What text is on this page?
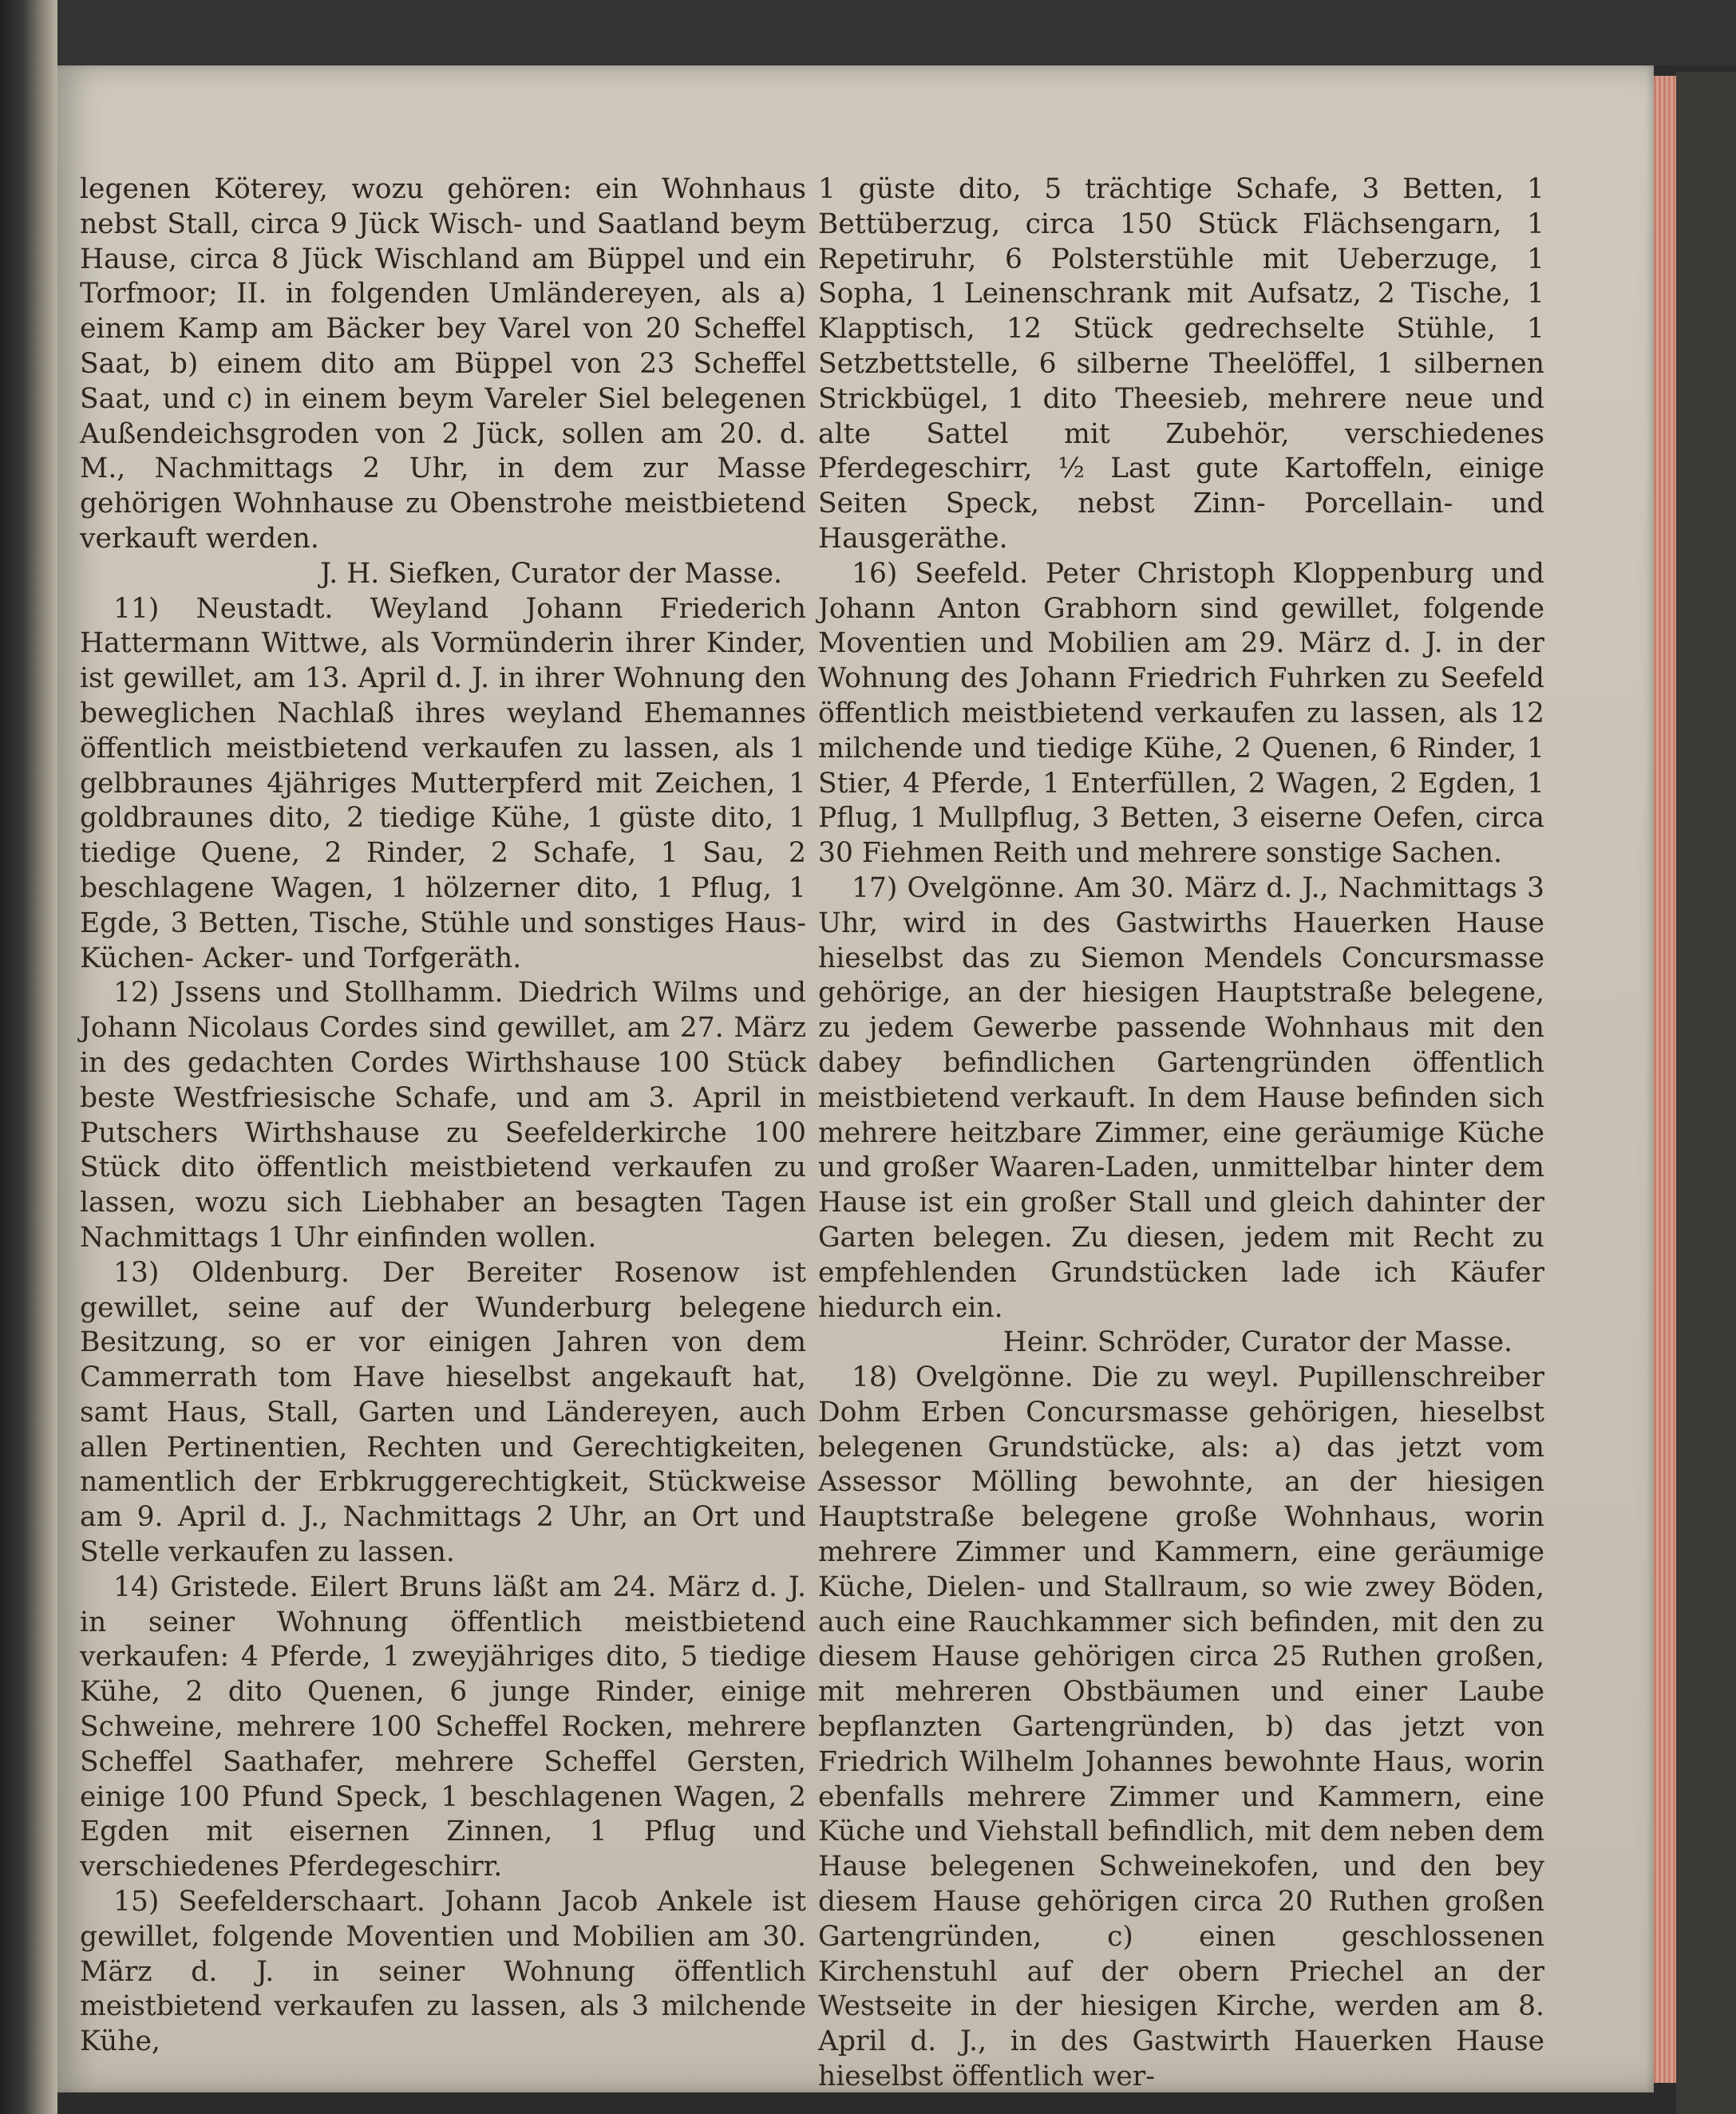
legenen Köterey, wozu gehören: ein Wohnhaus nebst Stall, circa 9 Jück Wisch- und Saatland beym Hause, circa 8 Jück Wischland am Büppel und ein Torfmoor; II. in folgenden Umländereyen, als a) einem Kamp am Bäcker bey Varel von 20 Scheffel Saat, b) einem dito am Büppel von 23 Scheffel Saat, und c) in einem beym Vareler Siel belegenen Außendeichsgroden von 2 Jück, sollen am 20. d. M., Nachmittags 2 Uhr, in dem zur Masse gehörigen Wohnhause zu Obenstrohe meistbietend verkauft werden.

J. H. Siefken, Curator der Masse.

11) Neustadt. Weyland Johann Friederich Hattermann Wittwe, als Vormünderin ihrer Kinder, ist gewillet, am 13. April d. J. in ihrer Wohnung den beweglichen Nachlaß ihres weyland Ehemannes öffentlich meistbietend verkaufen zu lassen, als 1 gelbbraunes 4jähriges Mutterpferd mit Zeichen, 1 goldbraunes dito, 2 tiedige Kühe, 1 güste dito, 1 tiedige Quene, 2 Rinder, 2 Schafe, 1 Sau, 2 beschlagene Wagen, 1 hölzerner dito, 1 Pflug, 1 Egde, 3 Betten, Tische, Stühle und sonstiges Haus- Küchen- Acker- und Torfgeräth.

12) Jssens und Stollhamm. Diedrich Wilms und Johann Nicolaus Cordes sind gewillet, am 27. März in des gedachten Cordes Wirthshause 100 Stück beste Westfriesische Schafe, und am 3. April in Putschers Wirthshause zu Seefelderkirche 100 Stück dito öffentlich meistbietend verkaufen zu lassen, wozu sich Liebhaber an besagten Tagen Nachmittags 1 Uhr einfinden wollen.

13) Oldenburg. Der Bereiter Rosenow ist gewillet, seine auf der Wunderburg belegene Besitzung, so er vor einigen Jahren von dem Cammerrath tom Have hieselbst angekauft hat, samt Haus, Stall, Garten und Ländereyen, auch allen Pertinentien, Rechten und Gerechtigkeiten, namentlich der Erbkruggerechtigkeit, Stückweise am 9. April d. J., Nachmittags 2 Uhr, an Ort und Stelle verkaufen zu lassen.

14) Gristede. Eilert Bruns läßt am 24. März d. J. in seiner Wohnung öffentlich meistbietend verkaufen: 4 Pferde, 1 zweyjähriges dito, 5 tiedige Kühe, 2 dito Quenen, 6 junge Rinder, einige Schweine, mehrere 100 Scheffel Rocken, mehrere Scheffel Saathafer, mehrere Scheffel Gersten, einige 100 Pfund Speck, 1 beschlagenen Wagen, 2 Egden mit eisernen Zinnen, 1 Pflug und verschiedenes Pferdegeschirr.

15) Seefelderschaart. Johann Jacob Ankele ist gewillet, folgende Moventien und Mobilien am 30. März d. J. in seiner Wohnung öffentlich meistbietend verkaufen zu lassen, als 3 milchende Kühe,

1 güste dito, 5 trächtige Schafe, 3 Betten, 1 Bettüberzug, circa 150 Stück Flächsengarn, 1 Repetiruhr, 6 Polsterstühle mit Ueberzuge, 1 Sopha, 1 Leinenschrank mit Aufsatz, 2 Tische, 1 Klapptisch, 12 Stück gedrechselte Stühle, 1 Setzbettstelle, 6 silberne Theelöffel, 1 silbernen Strickbügel, 1 dito Theesieb, mehrere neue und alte Sattel mit Zubehör, verschiedenes Pferdegeschirr, ½ Last gute Kartoffeln, einige Seiten Speck, nebst Zinn- Porcellain- und Hausgeräthe.

16) Seefeld. Peter Christoph Kloppenburg und Johann Anton Grabhorn sind gewillet, folgende Moventien und Mobilien am 29. März d. J. in der Wohnung des Johann Friedrich Fuhrken zu Seefeld öffentlich meistbietend verkaufen zu lassen, als 12 milchende und tiedige Kühe, 2 Quenen, 6 Rinder, 1 Stier, 4 Pferde, 1 Enterfüllen, 2 Wagen, 2 Egden, 1 Pflug, 1 Mullpflug, 3 Betten, 3 eiserne Oefen, circa 30 Fiehmen Reith und mehrere sonstige Sachen.

17) Ovelgönne. Am 30. März d. J., Nachmittags 3 Uhr, wird in des Gastwirths Hauerken Hause hieselbst das zu Siemon Mendels Concursmasse gehörige, an der hiesigen Hauptstraße belegene, zu jedem Gewerbe passende Wohnhaus mit den dabey befindlichen Gartengründen öffentlich meistbietend verkauft. In dem Hause befinden sich mehrere heitzbare Zimmer, eine geräumige Küche und großer Waaren-Laden, unmittelbar hinter dem Hause ist ein großer Stall und gleich dahinter der Garten belegen. Zu diesen, jedem mit Recht zu empfehlenden Grundstücken lade ich Käufer hiedurch ein.

Heinr. Schröder, Curator der Masse.

18) Ovelgönne. Die zu weyl. Pupillenschreiber Dohm Erben Concursmasse gehörigen, hieselbst belegenen Grundstücke, als: a) das jetzt vom Assessor Mölling bewohnte, an der hiesigen Hauptstraße belegene große Wohnhaus, worin mehrere Zimmer und Kammern, eine geräumige Küche, Dielen- und Stallraum, so wie zwey Böden, auch eine Rauchkammer sich befinden, mit den zu diesem Hause gehörigen circa 25 Ruthen großen, mit mehreren Obstbäumen und einer Laube bepflanzten Gartengründen, b) das jetzt von Friedrich Wilhelm Johannes bewohnte Haus, worin ebenfalls mehrere Zimmer und Kammern, eine Küche und Viehstall befindlich, mit dem neben dem Hause belegenen Schweinekofen, und den bey diesem Hause gehörigen circa 20 Ruthen großen Gartengründen, c) einen geschlossenen Kirchenstuhl auf der obern Priechel an der Westseite in der hiesigen Kirche, werden am 8. April d. J., in des Gastwirth Hauerken Hause hieselbst öffentlich wer-
